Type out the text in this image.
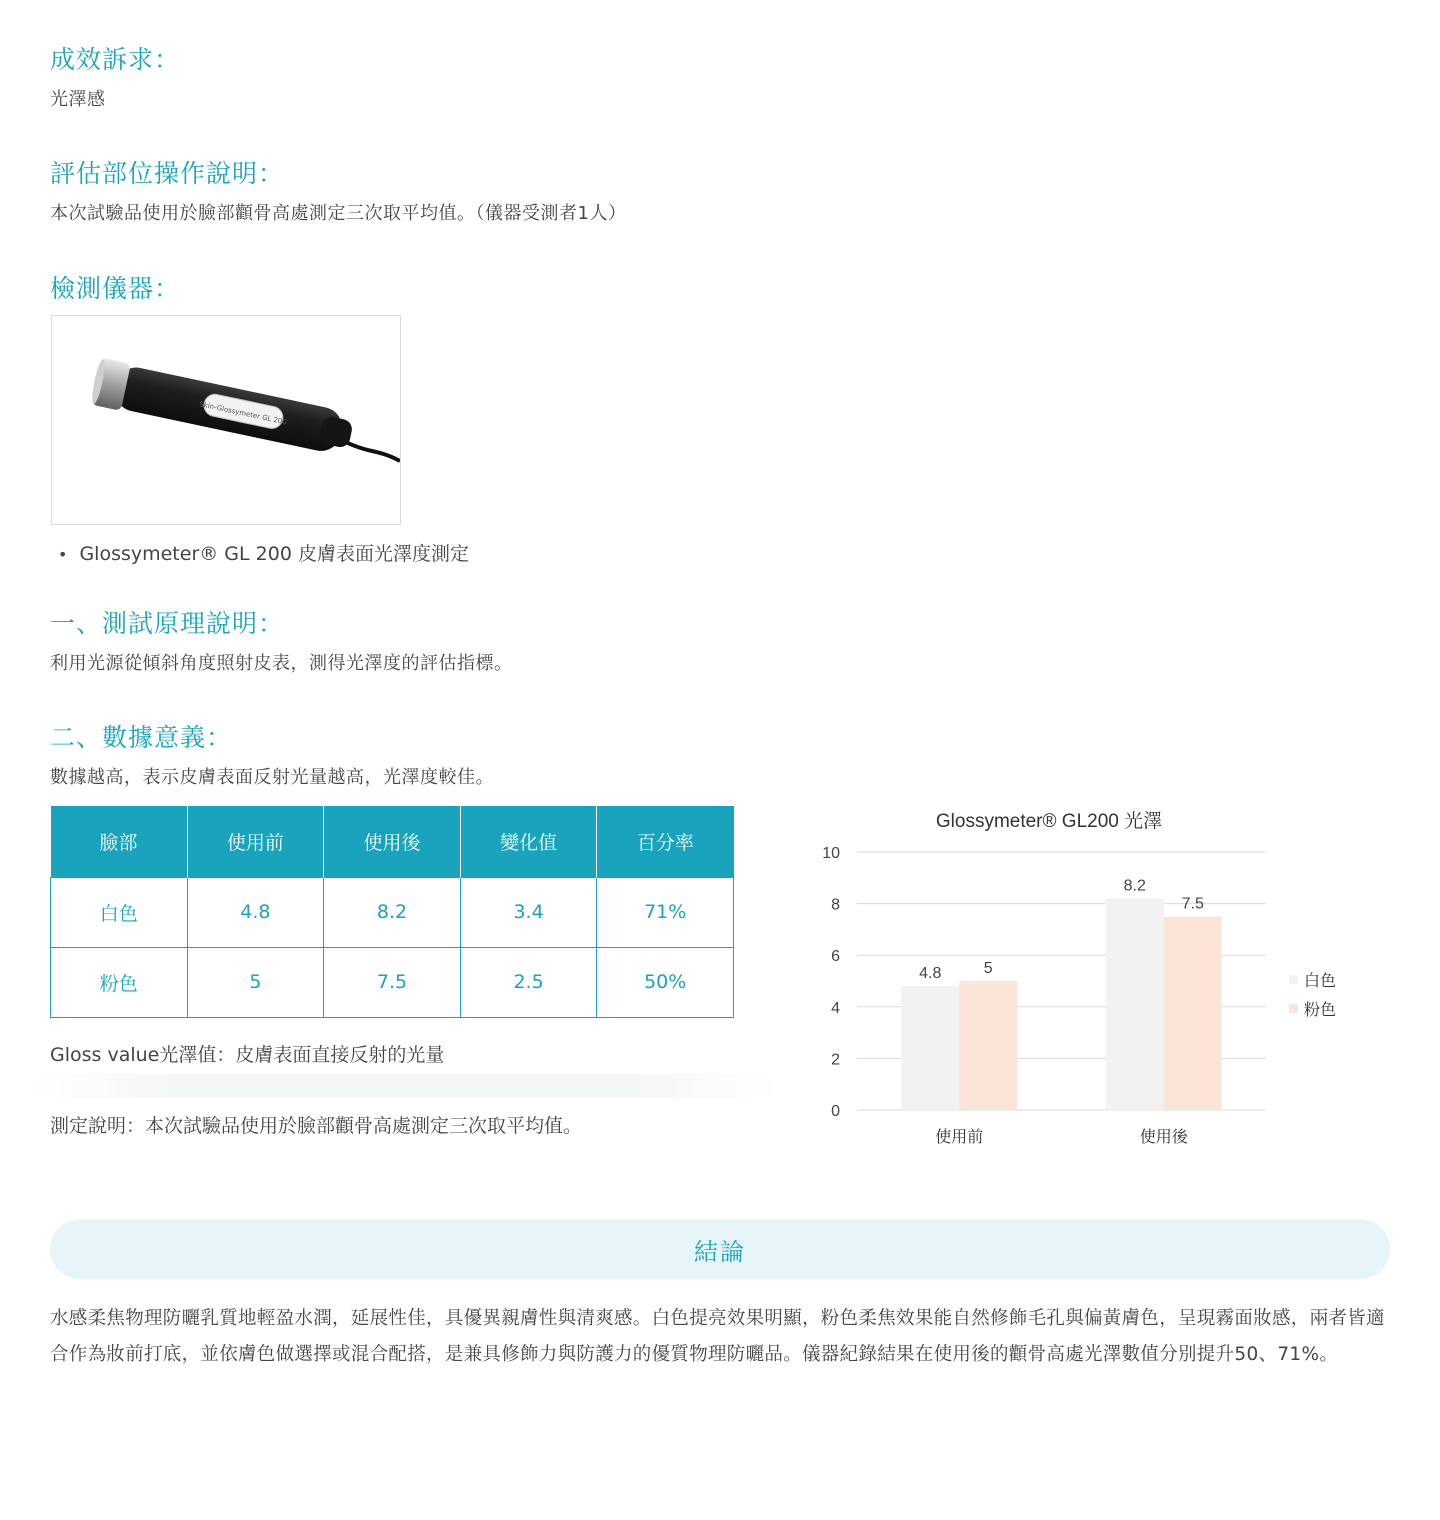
成效訴求：
光澤感
評估部位操作說明：
本次試驗品使用於臉部顴骨高處測定三次取平均值。（儀器受測者1人）
檢測儀器：
Skin-Glossymeter GL 200
• Glossymeter® GL 200 皮膚表面光澤度測定
一、測試原理說明：
利用光源從傾斜角度照射皮表，測得光澤度的評估指標。
二、數據意義：
數據越高，表示皮膚表面反射光量越高，光澤度較佳。
臉部	使用前	使用後	變化值	百分率
白色	4.8	8.2	3.4	71%
粉色	5	7.5	2.5	50%
Glossymeter® GL200 光澤
0
2
4
6
8
10
4.8	5
8.2
7.5
使用前	使用後
白色
粉色
Gloss value光澤值：皮膚表面直接反射的光量
測定說明：本次試驗品使用於臉部顴骨高處測定三次取平均值。
結論
水感柔焦物理防曬乳質地輕盈水潤，延展性佳，具優異親膚性與清爽感。白色提亮效果明顯，粉色柔焦效果能自然修飾毛孔與偏黃膚色，呈現霧面妝感，兩者皆適合作為妝前打底，並依膚色做選擇或混合配搭，是兼具修飾力與防護力的優質物理防曬品。儀器紀錄結果在使用後的顴骨高處光澤數值分別提升50、71%。
